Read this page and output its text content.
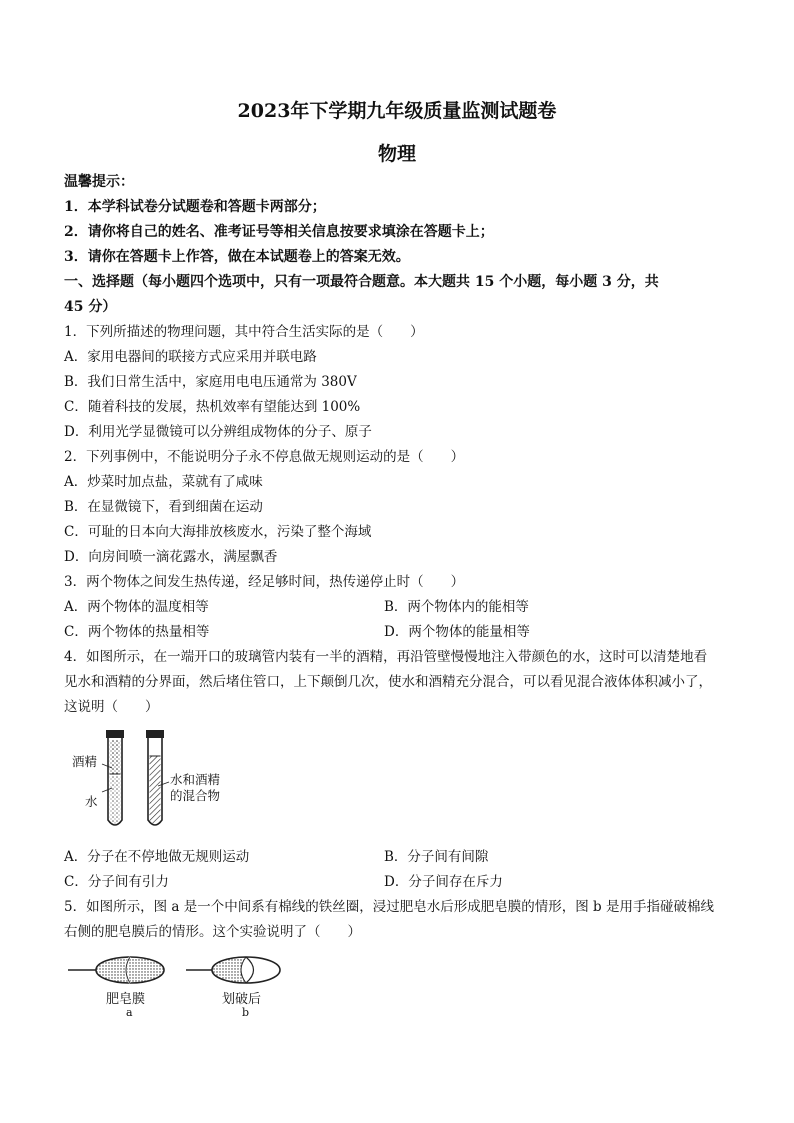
2023年下学期九年级质量监测试题卷
物理
温馨提示：
1．本学科试卷分试题卷和答题卡两部分；
2．请你将自己的姓名、准考证号等相关信息按要求填涂在答题卡上；
3．请你在答题卡上作答，做在本试题卷上的答案无效。
一、选择题（每小题四个选项中，只有一项最符合题意。本大题共 15 个小题，每小题 3 分，共
45 分）
1．下列所描述的物理问题，其中符合生活实际的是（　　）
A．家用电器间的联接方式应采用并联电路
B．我们日常生活中，家庭用电电压通常为 380V
C．随着科技的发展，热机效率有望能达到 100%
D．利用光学显微镜可以分辨组成物体的分子、原子
2．下列事例中，不能说明分子永不停息做无规则运动的是（　　）
A．炒菜时加点盐，菜就有了咸味
B．在显微镜下，看到细菌在运动
C．可耻的日本向大海排放核废水，污染了整个海域
D．向房间喷一滴花露水，满屋飘香
3．两个物体之间发生热传递，经足够时间，热传递停止时（　　）
A．两个物体的温度相等	B．两个物体内的能相等
C．两个物体的热量相等	D．两个物体的能量相等
4．如图所示，在一端开口的玻璃管内装有一半的酒精，再沿管壁慢慢地注入带颜色的水，这时可以清楚地看
见水和酒精的分界面，然后堵住管口，上下颠倒几次，使水和酒精充分混合，可以看见混合液体体积减小了，
这说明（　　）
酒精
水
水和酒精
的混合物
A．分子在不停地做无规则运动	B．分子间有间隙
C．分子间有引力	D．分子间存在斥力
5．如图所示，图 a 是一个中间系有棉线的铁丝圈，浸过肥皂水后形成肥皂膜的情形，图 b 是用手指碰破棉线
右侧的肥皂膜后的情形。这个实验说明了（　　）
肥皂膜
a
划破后
b
